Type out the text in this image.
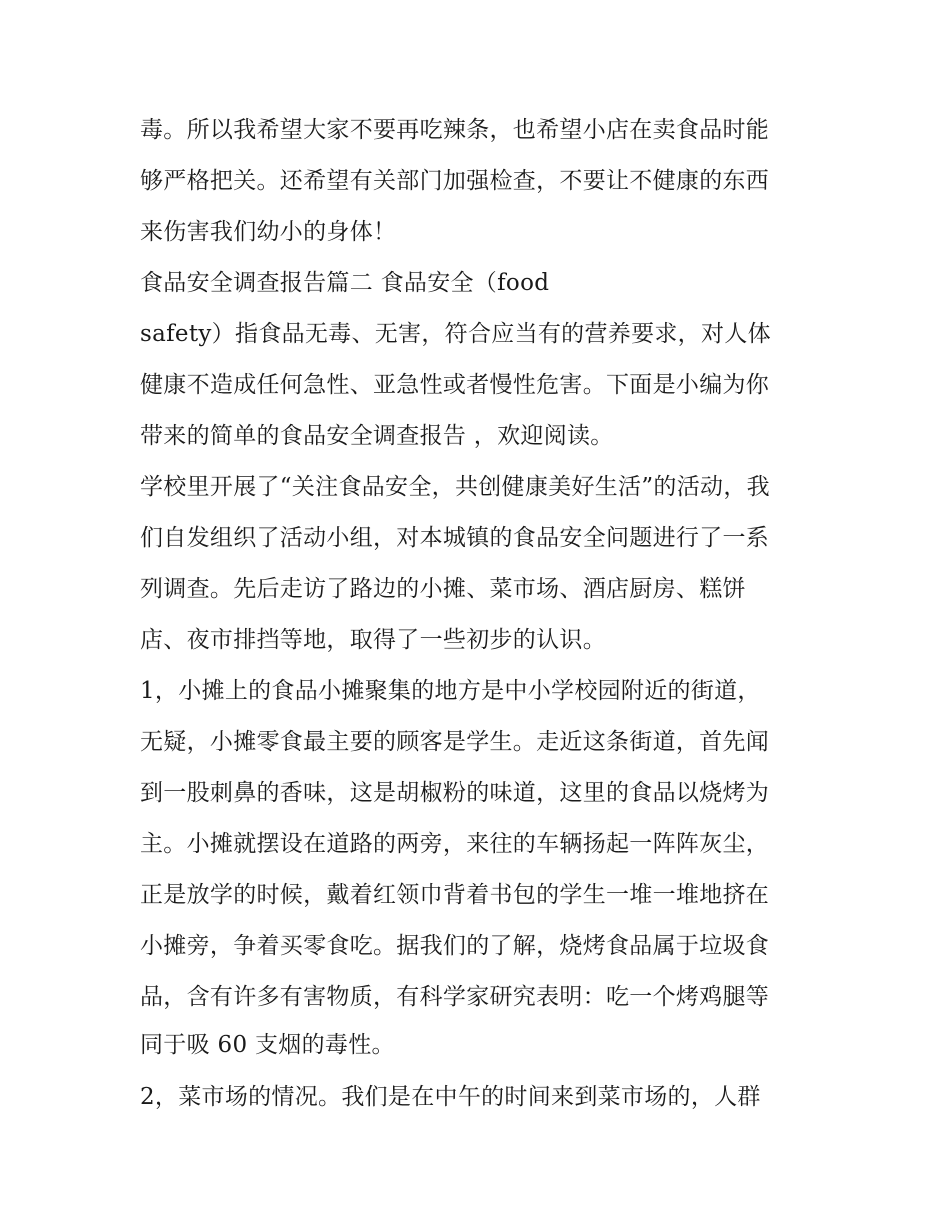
毒。所以我希望大家不要再吃辣条，也希望小店在卖食品时能
够严格把关。还希望有关部门加强检查，不要让不健康的东西
来伤害我们幼小的身体！
食品安全调查报告篇二 食品安全（food
safety）指食品无毒、无害，符合应当有的营养要求，对人体
健康不造成任何急性、亚急性或者慢性危害。下面是小编为你
带来的简单的食品安全调查报告 ，欢迎阅读。
学校里开展了“关注食品安全，共创健康美好生活”的活动，我
们自发组织了活动小组，对本城镇的食品安全问题进行了一系
列调查。先后走访了路边的小摊、菜市场、酒店厨房、糕饼
店、夜市排挡等地，取得了一些初步的认识。
1，小摊上的食品小摊聚集的地方是中小学校园附近的街道，
无疑，小摊零食最主要的顾客是学生。走近这条街道，首先闻
到一股刺鼻的香味，这是胡椒粉的味道，这里的食品以烧烤为
主。小摊就摆设在道路的两旁，来往的车辆扬起一阵阵灰尘，
正是放学的时候，戴着红领巾背着书包的学生一堆一堆地挤在
小摊旁，争着买零食吃。据我们的了解，烧烤食品属于垃圾食
品，含有许多有害物质，有科学家研究表明：吃一个烤鸡腿等
同于吸 60 支烟的毒性。
2，菜市场的情况。我们是在中午的时间来到菜市场的，人群
